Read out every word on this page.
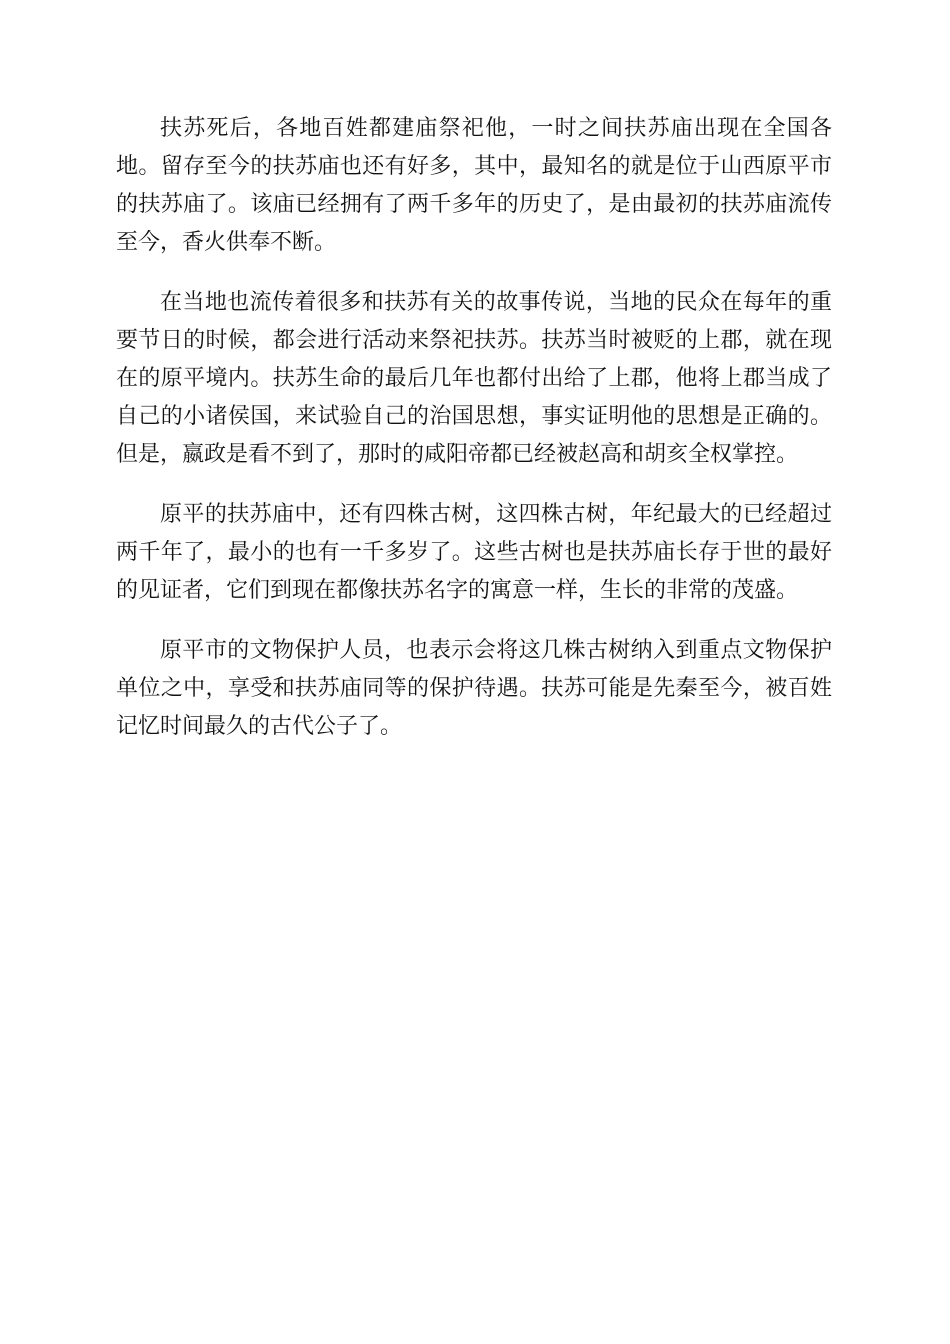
扶苏死后，各地百姓都建庙祭祀他，一时之间扶苏庙出现在全国各地。留存至今的扶苏庙也还有好多，其中，最知名的就是位于山西原平市的扶苏庙了。该庙已经拥有了两千多年的历史了，是由最初的扶苏庙流传至今，香火供奉不断。

在当地也流传着很多和扶苏有关的故事传说，当地的民众在每年的重要节日的时候，都会进行活动来祭祀扶苏。扶苏当时被贬的上郡，就在现在的原平境内。扶苏生命的最后几年也都付出给了上郡，他将上郡当成了自己的小诸侯国，来试验自己的治国思想，事实证明他的思想是正确的。但是，嬴政是看不到了，那时的咸阳帝都已经被赵高和胡亥全权掌控。

原平的扶苏庙中，还有四株古树，这四株古树，年纪最大的已经超过两千年了，最小的也有一千多岁了。这些古树也是扶苏庙长存于世的最好的见证者，它们到现在都像扶苏名字的寓意一样，生长的非常的茂盛。

原平市的文物保护人员，也表示会将这几株古树纳入到重点文物保护单位之中，享受和扶苏庙同等的保护待遇。扶苏可能是先秦至今，被百姓记忆时间最久的古代公子了。
